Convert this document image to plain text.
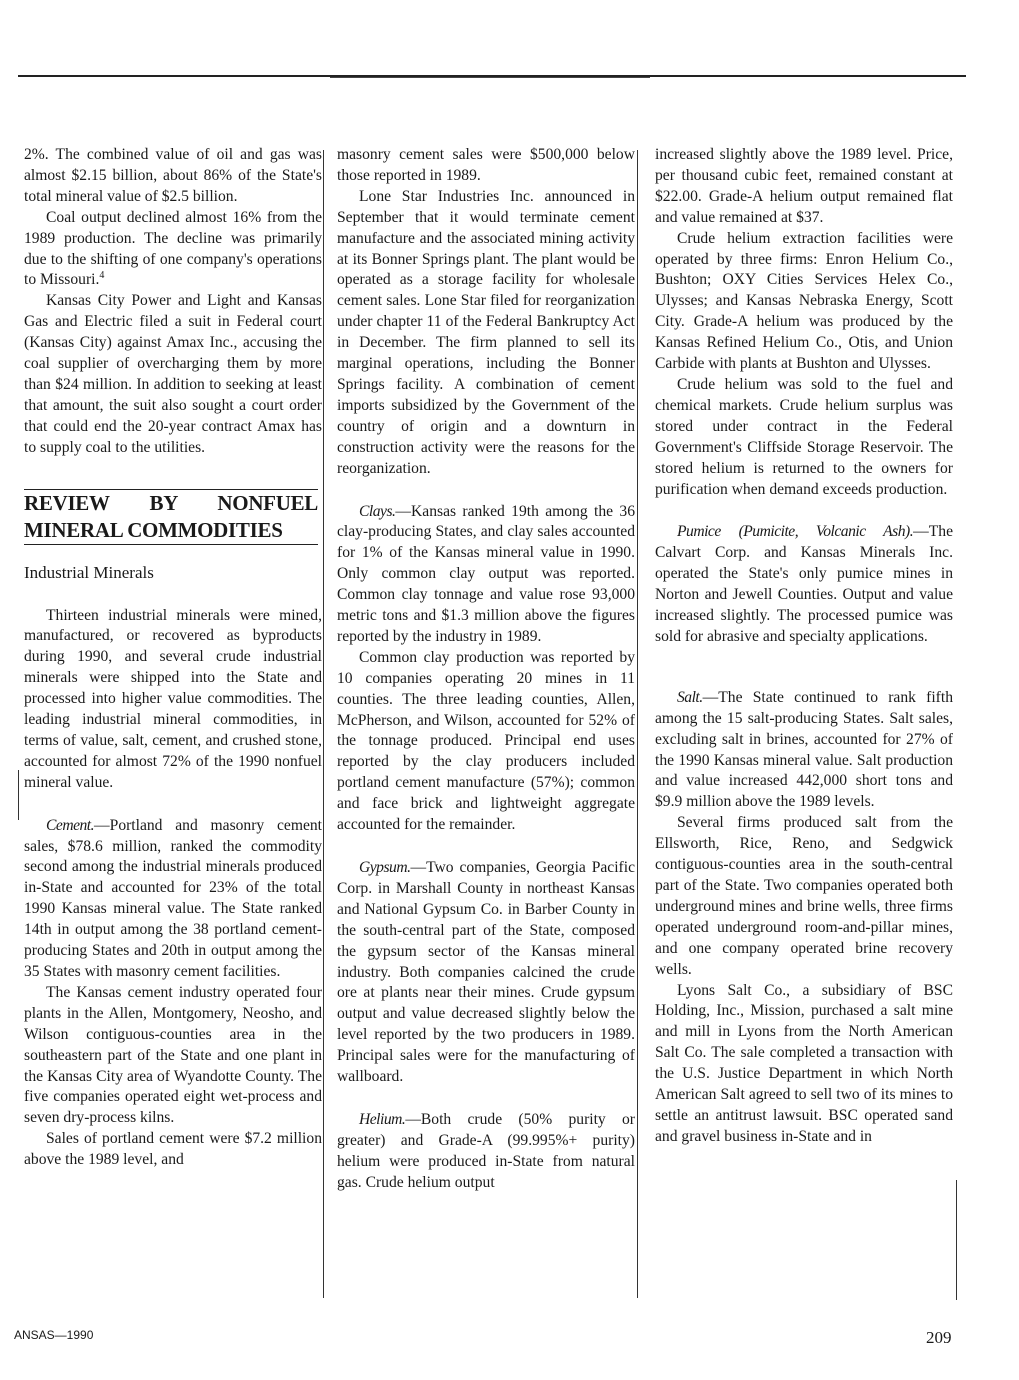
2%. The combined value of oil and gas was almost $2.15 billion, about 86% of the State's total mineral value of $2.5 billion.

Coal output declined almost 16% from the 1989 production. The decline was primarily due to the shifting of one company's operations to Missouri.$^4$

Kansas City Power and Light and Kansas Gas and Electric filed a suit in Federal court (Kansas City) against Amax Inc., accusing the coal supplier of overcharging them by more than $24 million. In addition to seeking at least that amount, the suit also sought a court order that could end the 20-year contract Amax has to supply coal to the utilities.

REVIEW BY NONFUEL MINERAL COMMODITIES
Industrial Minerals

Thirteen industrial minerals were mined, manufactured, or recovered as byproducts during 1990, and several crude industrial minerals were shipped into the State and processed into higher value commodities. The leading industrial mineral commodities, in terms of value, salt, cement, and crushed stone, accounted for almost 72% of the 1990 nonfuel mineral value.

Cement.—Portland and masonry cement sales, $78.6 million, ranked the commodity second among the industrial minerals produced in-State and accounted for 23% of the total 1990 Kansas mineral value. The State ranked 14th in output among the 38 portland cement-producing States and 20th in output among the 35 States with masonry cement facilities.

The Kansas cement industry operated four plants in the Allen, Montgomery, Neosho, and Wilson contiguous-counties area in the southeastern part of the State and one plant in the Kansas City area of Wyandotte County. The five companies operated eight wet-process and seven dry-process kilns.

Sales of portland cement were $7.2 million above the 1989 level, and

masonry cement sales were $500,000 below those reported in 1989.

Lone Star Industries Inc. announced in September that it would terminate cement manufacture and the associated mining activity at its Bonner Springs plant. The plant would be operated as a storage facility for wholesale cement sales. Lone Star filed for reorganization under chapter 11 of the Federal Bankruptcy Act in December. The firm planned to sell its marginal operations, including the Bonner Springs facility. A combination of cement imports subsidized by the Government of the country of origin and a downturn in construction activity were the reasons for the reorganization.

Clays.—Kansas ranked 19th among the 36 clay-producing States, and clay sales accounted for 1% of the Kansas mineral value in 1990. Only common clay output was reported. Common clay tonnage and value rose 93,000 metric tons and $1.3 million above the figures reported by the industry in 1989.

Common clay production was reported by 10 companies operating 20 mines in 11 counties. The three leading counties, Allen, McPherson, and Wilson, accounted for 52% of the tonnage produced. Principal end uses reported by the clay producers included portland cement manufacture (57%); common and face brick and lightweight aggregate accounted for the remainder.

Gypsum.—Two companies, Georgia Pacific Corp. in Marshall County in northeast Kansas and National Gypsum Co. in Barber County in the south-central part of the State, composed the gypsum sector of the Kansas mineral industry. Both companies calcined the crude ore at plants near their mines. Crude gypsum output and value decreased slightly below the level reported by the two producers in 1989. Principal sales were for the manufacturing of wallboard.

Helium.—Both crude (50% purity or greater) and Grade-A (99.995%+ purity) helium were produced in-State from natural gas. Crude helium output

increased slightly above the 1989 level. Price, per thousand cubic feet, remained constant at $22.00. Grade-A helium output remained flat and value remained at $37.

Crude helium extraction facilities were operated by three firms: Enron Helium Co., Bushton; OXY Cities Services Helex Co., Ulysses; and Kansas Nebraska Energy, Scott City. Grade-A helium was produced by the Kansas Refined Helium Co., Otis, and Union Carbide with plants at Bushton and Ulysses.

Crude helium was sold to the fuel and chemical markets. Crude helium surplus was stored under contract in the Federal Government's Cliffside Storage Reservoir. The stored helium is returned to the owners for purification when demand exceeds production.

Pumice (Pumicite, Volcanic Ash).—The Calvart Corp. and Kansas Minerals Inc. operated the State's only pumice mines in Norton and Jewell Counties. Output and value increased slightly. The processed pumice was sold for abrasive and specialty applications.

Salt.—The State continued to rank fifth among the 15 salt-producing States. Salt sales, excluding salt in brines, accounted for 27% of the 1990 Kansas mineral value. Salt production and value increased 442,000 short tons and $9.9 million above the 1989 levels.

Several firms produced salt from the Ellsworth, Rice, Reno, and Sedgwick contiguous-counties area in the south-central part of the State. Two companies operated both underground mines and brine wells, three firms operated underground room-and-pillar mines, and one company operated brine recovery wells.

Lyons Salt Co., a subsidiary of BSC Holding, Inc., Mission, purchased a salt mine and mill in Lyons from the North American Salt Co. The sale completed a transaction with the U.S. Justice Department in which North American Salt agreed to sell two of its mines to settle an antitrust lawsuit. BSC operated sand and gravel business in-State and in

ANSAS—1990	209
